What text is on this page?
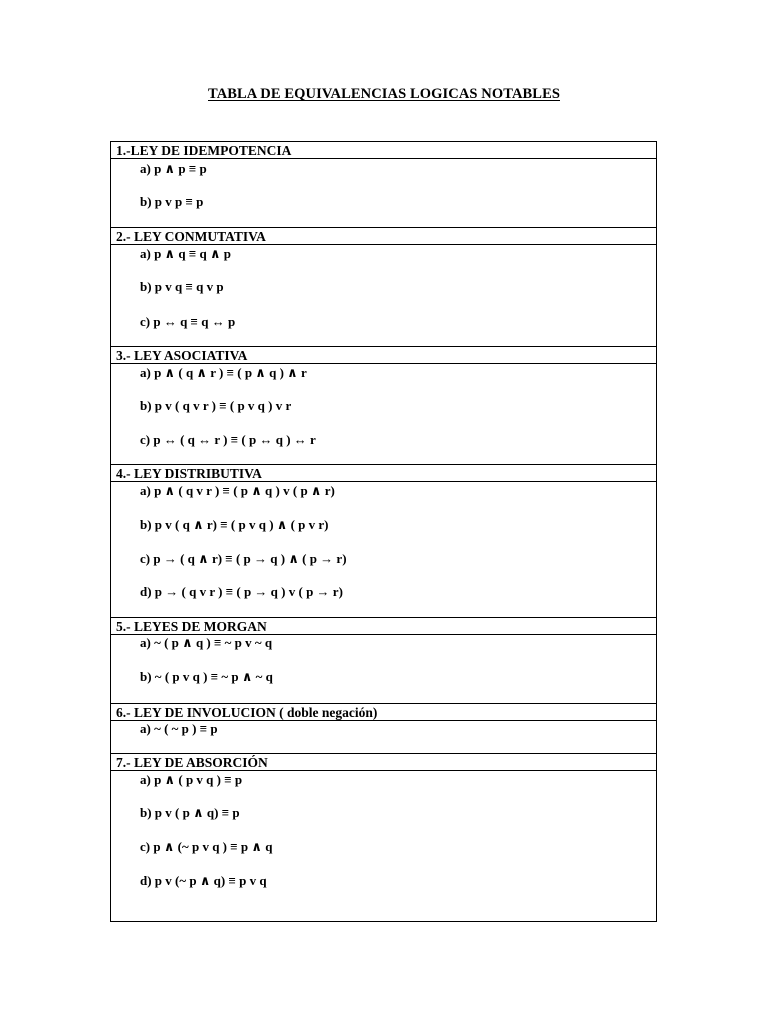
TABLA DE EQUIVALENCIAS LOGICAS NOTABLES
1.-LEY DE IDEMPOTENCIA
a) p ∧ p ≡ p
b) p v p ≡ p
2.- LEY CONMUTATIVA
a) p ∧ q ≡ q ∧ p
b) p v q ≡ q v p
c) p ↔ q ≡ q ↔ p
3.- LEY ASOCIATIVA
a) p ∧ ( q ∧ r ) ≡ ( p ∧ q ) ∧ r
b) p v ( q v r ) ≡ ( p v q ) v r
c) p ↔ ( q ↔ r ) ≡ ( p ↔ q ) ↔ r
4.- LEY DISTRIBUTIVA
a) p ∧ ( q v r ) ≡ ( p ∧ q ) v ( p ∧ r)
b) p v ( q ∧ r) ≡ ( p v q ) ∧ ( p v r)
c) p → ( q ∧ r) ≡ ( p → q ) ∧ ( p → r)
d) p → ( q v r ) ≡ ( p → q ) v ( p → r)
5.- LEYES DE MORGAN
a) ~ ( p ∧ q ) ≡ ~ p v ~ q
b) ~ ( p v q ) ≡ ~ p ∧ ~ q
6.- LEY DE INVOLUCION ( doble negación)
a) ~ ( ~ p ) ≡ p
7.- LEY DE ABSORCIÓN
a) p ∧ ( p v q ) ≡ p
b) p v ( p ∧ q) ≡ p
c) p ∧ (~ p v q ) ≡ p ∧ q
d) p v (~ p ∧ q) ≡ p v q
